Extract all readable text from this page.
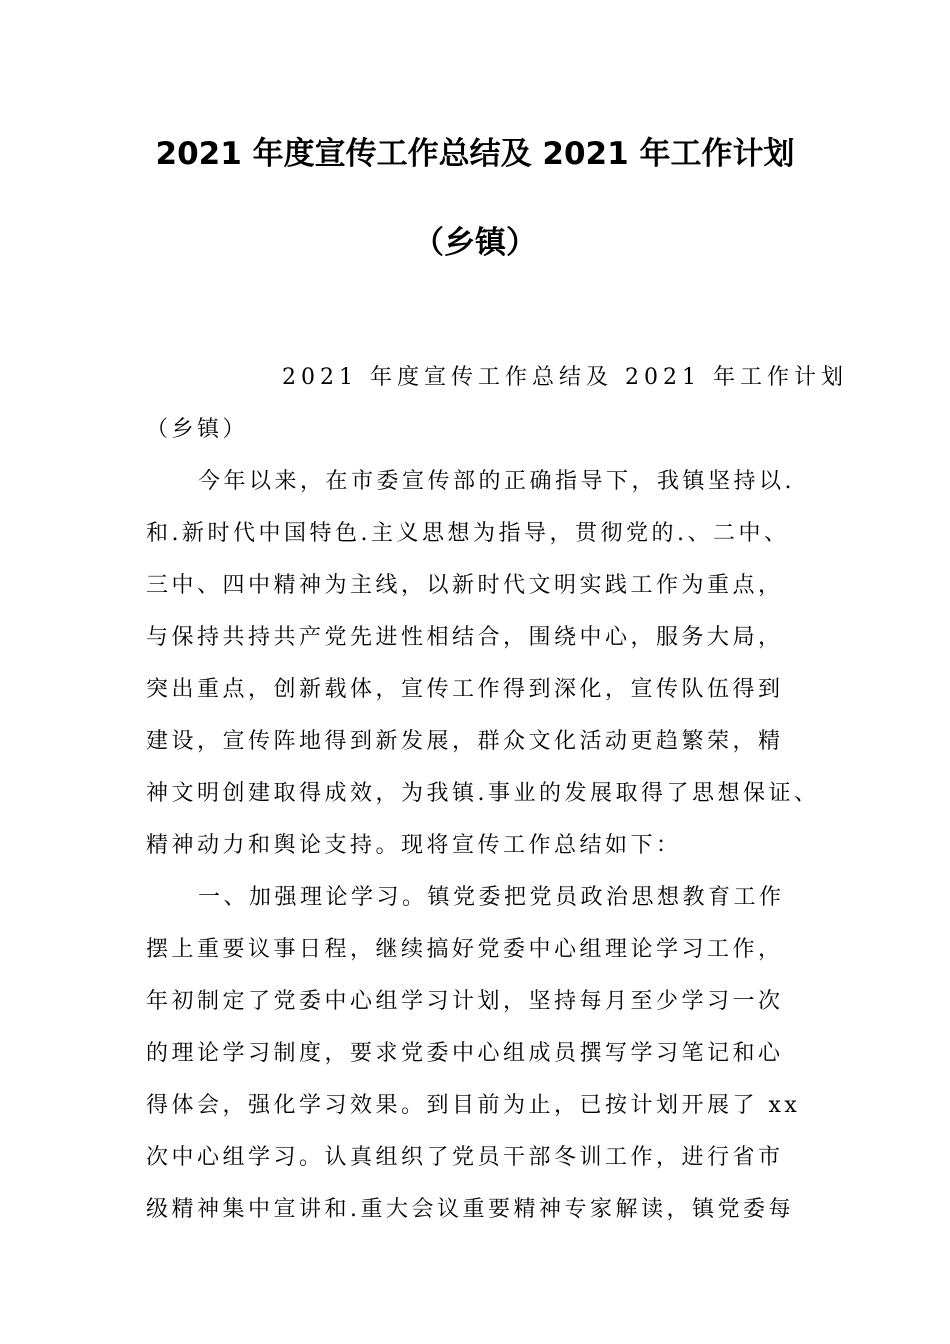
2021 年度宣传工作总结及 2021 年工作计划
（乡镇）
2021 年度宣传工作总结及 2021 年工作计划
（乡镇）
今年以来，在市委宣传部的正确指导下，我镇坚持以.
和.新时代中国特色.主义思想为指导，贯彻党的.、二中、
三中、四中精神为主线，以新时代文明实践工作为重点，
与保持共持共产党先进性相结合，围绕中心，服务大局，
突出重点，创新载体，宣传工作得到深化，宣传队伍得到
建设，宣传阵地得到新发展，群众文化活动更趋繁荣，精
神文明创建取得成效，为我镇.事业的发展取得了思想保证、
精神动力和舆论支持。现将宣传工作总结如下：
一、加强理论学习。镇党委把党员政治思想教育工作
摆上重要议事日程，继续搞好党委中心组理论学习工作，
年初制定了党委中心组学习计划，坚持每月至少学习一次
的理论学习制度，要求党委中心组成员撰写学习笔记和心
得体会，强化学习效果。到目前为止，已按计划开展了 xx
次中心组学习。认真组织了党员干部冬训工作，进行省市
级精神集中宣讲和.重大会议重要精神专家解读，镇党委每
